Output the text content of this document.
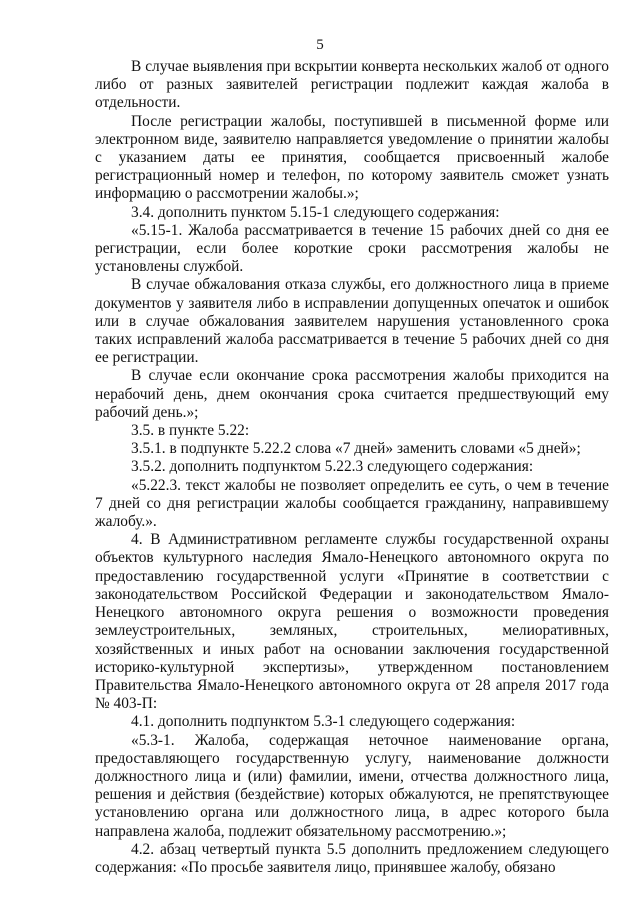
5

В случае выявления при вскрытии конверта нескольких жалоб от одного либо от разных заявителей регистрации подлежит каждая жалоба в отдельности.

После регистрации жалобы, поступившей в письменной форме или электронном виде, заявителю направляется уведомление о принятии жалобы с указанием даты ее принятия, сообщается присвоенный жалобе регистрационный номер и телефон, по которому заявитель сможет узнать информацию о рассмотрении жалобы.»;

3.4. дополнить пунктом 5.15-1 следующего содержания:

«5.15-1. Жалоба рассматривается в течение 15 рабочих дней со дня ее регистрации, если более короткие сроки рассмотрения жалобы не установлены службой.

В случае обжалования отказа службы, его должностного лица в приеме документов у заявителя либо в исправлении допущенных опечаток и ошибок или в случае обжалования заявителем нарушения установленного срока таких исправлений жалоба рассматривается в течение 5 рабочих дней со дня ее регистрации.

В случае если окончание срока рассмотрения жалобы приходится на нерабочий день, днем окончания срока считается предшествующий ему рабочий день.»;

3.5. в пункте 5.22:

3.5.1. в подпункте 5.22.2 слова «7 дней» заменить словами «5 дней»;

3.5.2. дополнить подпунктом 5.22.3 следующего содержания:

«5.22.3. текст жалобы не позволяет определить ее суть, о чем в течение 7 дней со дня регистрации жалобы сообщается гражданину, направившему жалобу.».

4. В Административном регламенте службы государственной охраны объектов культурного наследия Ямало-Ненецкого автономного округа по предоставлению государственной услуги «Принятие в соответствии с законодательством Российской Федерации и законодательством Ямало-Ненецкого автономного округа решения о возможности проведения землеустроительных, земляных, строительных, мелиоративных, хозяйственных и иных работ на основании заключения государственной историко-культурной экспертизы», утвержденном постановлением Правительства Ямало-Ненецкого автономного округа от 28 апреля 2017 года № 403-П:

4.1. дополнить подпунктом 5.3-1 следующего содержания:

«5.3-1. Жалоба, содержащая неточное наименование органа, предоставляющего государственную услугу, наименование должности должностного лица и (или) фамилии, имени, отчества должностного лица, решения и действия (бездействие) которых обжалуются, не препятствующее установлению органа или должностного лица, в адрес которого была направлена жалоба, подлежит обязательному рассмотрению.»;

4.2. абзац четвертый пункта 5.5 дополнить предложением следующего содержания: «По просьбе заявителя лицо, принявшее жалобу, обязано
